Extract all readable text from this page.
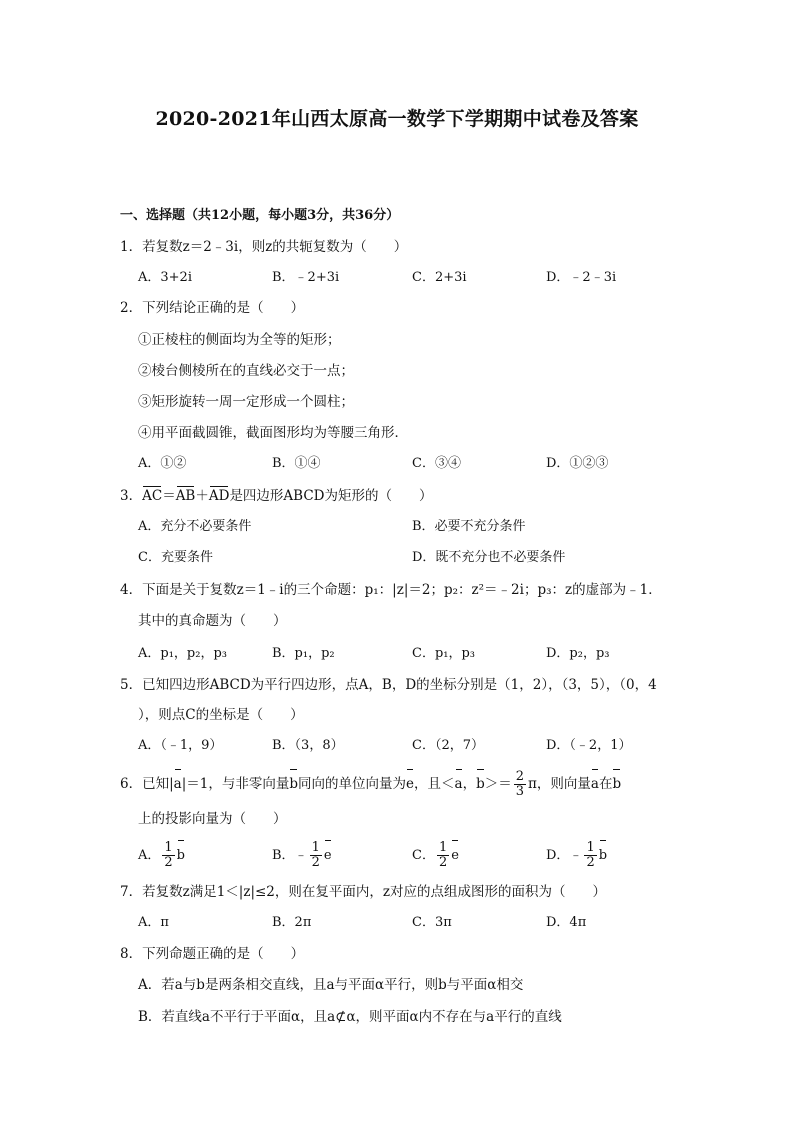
2020-2021年山西太原高一数学下学期期中试卷及答案
一、选择题（共12小题，每小题3分，共36分）
1．若复数z＝2﹣3i，则z的共轭复数为（　　）
A．3+2i	B．﹣2+3i	C．2+3i	D．﹣2﹣3i
2．下列结论正确的是（　　）
①正棱柱的侧面均为全等的矩形；
②棱台侧棱所在的直线必交于一点；
③矩形旋转一周一定形成一个圆柱；
④用平面截圆锥，截面图形均为等腰三角形．
A．①②	B．①④	C．③④	D．①②③
3．AC＝AB＋AD是四边形ABCD为矩形的（　　）
A．充分不必要条件	B．必要不充分条件
C．充要条件	D．既不充分也不必要条件
4．下面是关于复数z＝1﹣i的三个命题：p₁：|z|＝2；p₂：z²＝﹣2i；p₃：z的虚部为﹣1．
其中的真命题为（　　）
A．p₁，p₂，p₃	B．p₁，p₂	C．p₁，p₃	D．p₂，p₃
5．已知四边形ABCD为平行四边形，点A，B，D的坐标分别是（1，2），（3，5），（0，4
），则点C的坐标是（　　）
A．（﹣1，9）	B．（3，8）	C．（2，7）	D．（﹣2，1）
6．已知|a|＝1，与非零向量b同向的单位向量为e，且＜a，$b>= \frac{2}{3}$ π，则向量a在b
上的投影向量为（　　）
A． $\frac{1}{2}$ b	B．﹣ $\frac{1}{2}$ e	C． $\frac{1}{2}$ e	D．﹣ $\frac{1}{2}$ b
7．若复数z满足1＜|z|≤2，则在复平面内，z对应的点组成图形的面积为（　　）
A．π	B．2π	C．3π	D．4π
8．下列命题正确的是（　　）
A．若a与b是两条相交直线，且a与平面α平行，则b与平面α相交
B．若直线a不平行于平面α，且a⊄α，则平面α内不存在与a平行的直线
